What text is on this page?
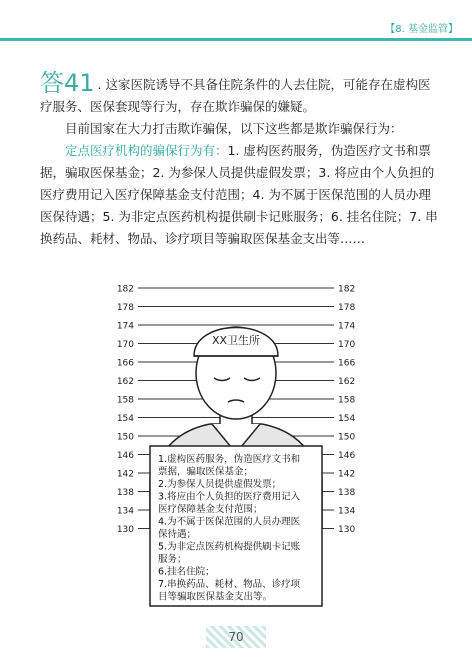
【8. 基金监管】

答41 . 这家医院诱导不具备住院条件的人去住院，可能存在虚构医疗服务、医保套现等行为，存在欺诈骗保的嫌疑。

目前国家在大力打击欺诈骗保，以下这些都是欺诈骗保行为：

定点医疗机构的骗保行为有：1. 虚构医药服务，伪造医疗文书和票据，骗取医保基金；2. 为参保人员提供虚假发票；3. 将应由个人负担的医疗费用记入医疗保障基金支付范围；4. 为不属于医保范围的人员办理医保待遇；5. 为非定点医药机构提供刷卡记账服务；6. 挂名住院；7. 串换药品、耗材、物品、诊疗项目等骗取医保基金支出等……

182	182
178	178
174	174
170	170
166	166
162	162
158	158
154	154
150	150
146	146
142	142
138	138
134	134
130	130
XX卫生所
1.虚构医药服务，伪造医疗文书和
票据，骗取医保基金；
2.为参保人员提供虚假发票；
3.将应由个人负担的医疗费用记入
医疗保障基金支付范围；
4.为不属于医保范围的人员办理医
保待遇；
5.为非定点医药机构提供刷卡记账
服务；
6.挂名住院；
7.串换药品、耗材、物品、诊疗项
目等骗取医保基金支出等。
70
